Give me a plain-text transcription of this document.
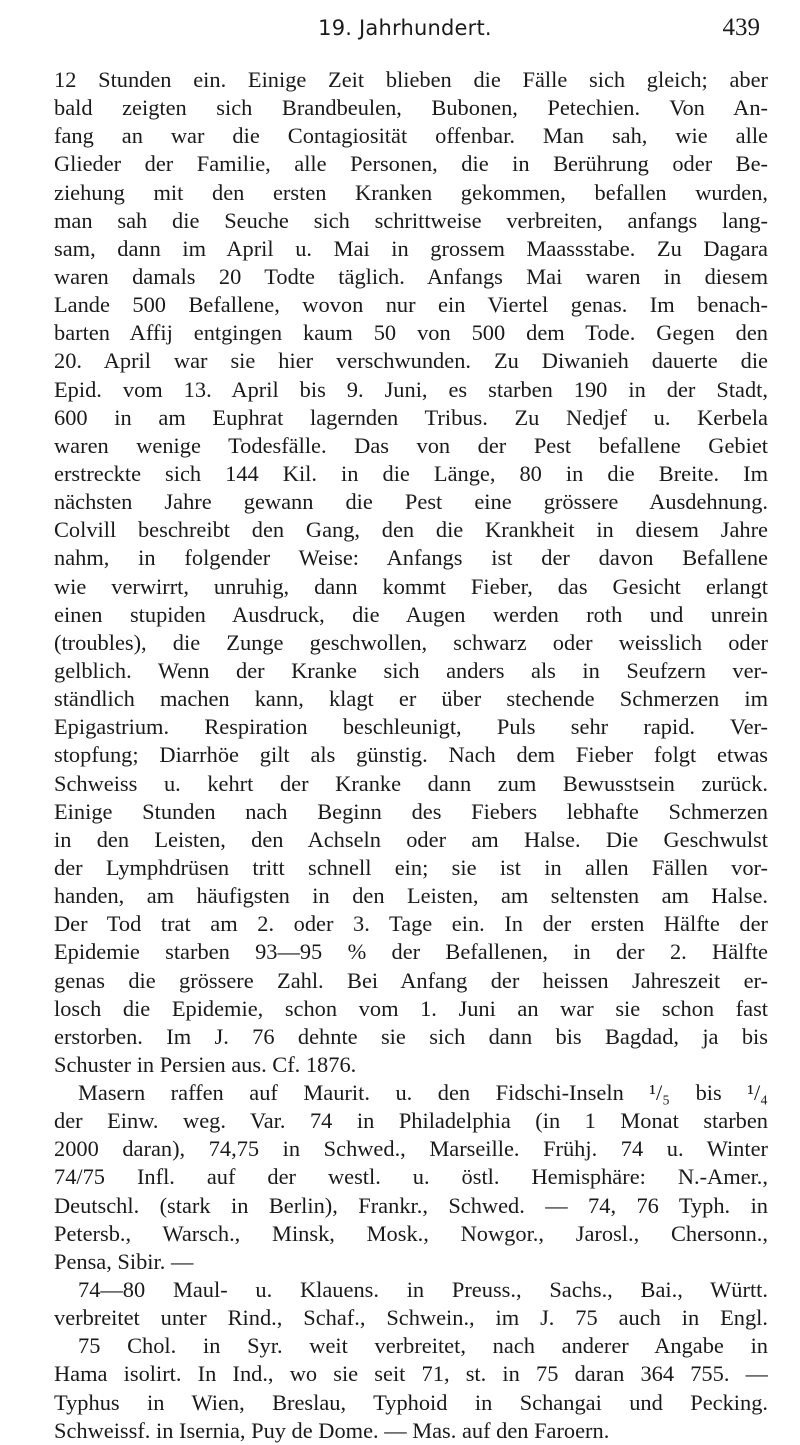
19. Jahrhundert.	439
12 Stunden ein. Einige Zeit blieben die Fälle sich gleich; aber
bald zeigten sich Brandbeulen, Bubonen, Petechien. Von An-
fang an war die Contagiosität offenbar. Man sah, wie alle
Glieder der Familie, alle Personen, die in Berührung oder Be-
ziehung mit den ersten Kranken gekommen, befallen wurden,
man sah die Seuche sich schrittweise verbreiten, anfangs lang-
sam, dann im April u. Mai in grossem Maassstabe. Zu Dagara
waren damals 20 Todte täglich. Anfangs Mai waren in diesem
Lande 500 Befallene, wovon nur ein Viertel genas. Im benach-
barten Affij entgingen kaum 50 von 500 dem Tode. Gegen den
20. April war sie hier verschwunden. Zu Diwanieh dauerte die
Epid. vom 13. April bis 9. Juni, es starben 190 in der Stadt,
600 in am Euphrat lagernden Tribus. Zu Nedjef u. Kerbela
waren wenige Todesfälle. Das von der Pest befallene Gebiet
erstreckte sich 144 Kil. in die Länge, 80 in die Breite. Im
nächsten Jahre gewann die Pest eine grössere Ausdehnung.
Colvill beschreibt den Gang, den die Krankheit in diesem Jahre
nahm, in folgender Weise: Anfangs ist der davon Befallene
wie verwirrt, unruhig, dann kommt Fieber, das Gesicht erlangt
einen stupiden Ausdruck, die Augen werden roth und unrein
(troubles), die Zunge geschwollen, schwarz oder weisslich oder
gelblich. Wenn der Kranke sich anders als in Seufzern ver-
ständlich machen kann, klagt er über stechende Schmerzen im
Epigastrium. Respiration beschleunigt, Puls sehr rapid. Ver-
stopfung; Diarrhöe gilt als günstig. Nach dem Fieber folgt etwas
Schweiss u. kehrt der Kranke dann zum Bewusstsein zurück.
Einige Stunden nach Beginn des Fiebers lebhafte Schmerzen
in den Leisten, den Achseln oder am Halse. Die Geschwulst
der Lymphdrüsen tritt schnell ein; sie ist in allen Fällen vor-
handen, am häufigsten in den Leisten, am seltensten am Halse.
Der Tod trat am 2. oder 3. Tage ein. In der ersten Hälfte der
Epidemie starben 93—95 % der Befallenen, in der 2. Hälfte
genas die grössere Zahl. Bei Anfang der heissen Jahreszeit er-
losch die Epidemie, schon vom 1. Juni an war sie schon fast
erstorben. Im J. 76 dehnte sie sich dann bis Bagdad, ja bis
Schuster in Persien aus. Cf. 1876.
Masern raffen auf Maurit. u. den Fidschi-Inseln ¹/₅ bis ¹/₄
der Einw. weg. Var. 74 in Philadelphia (in 1 Monat starben
2000 daran), 74,75 in Schwed., Marseille. Frühj. 74 u. Winter
74/75 Infl. auf der westl. u. östl. Hemisphäre: N.-Amer.,
Deutschl. (stark in Berlin), Frankr., Schwed. — 74, 76 Typh. in
Petersb., Warsch., Minsk, Mosk., Nowgor., Jarosl., Chersonn.,
Pensa, Sibir. —
74—80 Maul- u. Klauens. in Preuss., Sachs., Bai., Württ.
verbreitet unter Rind., Schaf., Schwein., im J. 75 auch in Engl.
75 Chol. in Syr. weit verbreitet, nach anderer Angabe in
Hama isolirt. In Ind., wo sie seit 71, st. in 75 daran 364 755. —
Typhus in Wien, Breslau, Typhoid in Schangai und Pecking.
Schweissf. in Isernia, Puy de Dome. — Mas. auf den Faroern.
